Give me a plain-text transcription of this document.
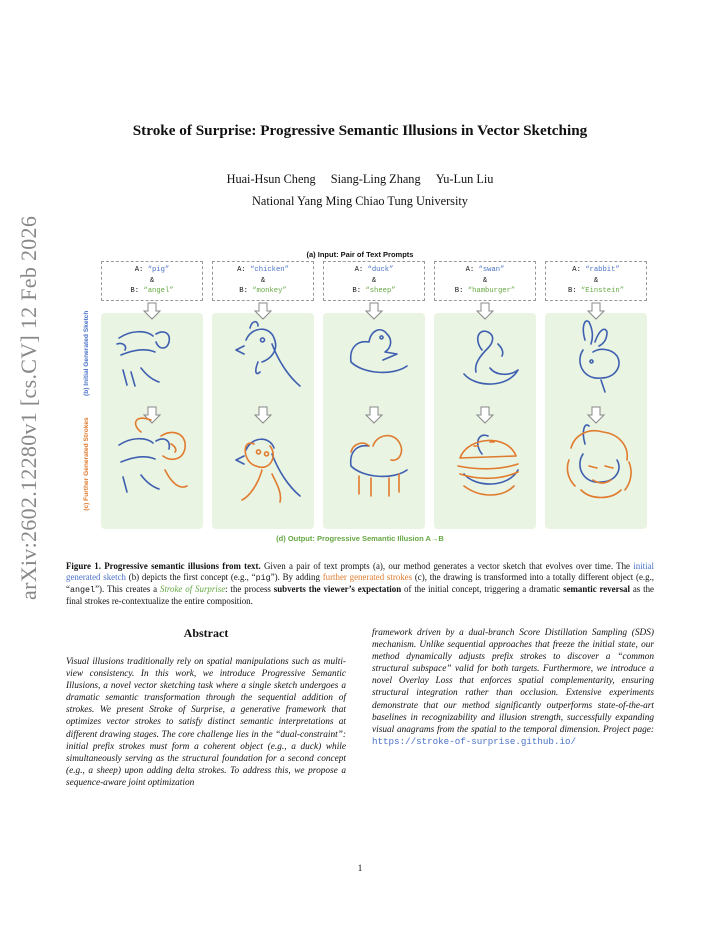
arXiv:2602.12280v1 [cs.CV] 12 Feb 2026
Stroke of Surprise: Progressive Semantic Illusions in Vector Sketching
Huai-Hsun Cheng Siang-Ling Zhang Yu-Lun Liu
National Yang Ming Chiao Tung University
(a) Input: Pair of Text Prompts
A: “pig”
&
B: “angel”
A: “chicken”
&
B: “monkey”
A: “duck”
&
B: “sheep”
A: “swan”
&
B: “hamburger”
A: “rabbit”
&
B: “Einstein”
(b) Initial Generated Sketch
(c) Further Generated Strokes
(d) Output: Progressive Semantic Illusion A→B
Figure 1. Progressive semantic illusions from text. Given a pair of text prompts (a), our method generates a vector sketch that evolves over time. The initial generated sketch (b) depicts the first concept (e.g., “pig”). By adding further generated strokes (c), the drawing is transformed into a totally different object (e.g., “angel”). This creates a Stroke of Surprise: the process subverts the viewer’s expectation of the initial concept, triggering a dramatic semantic reversal as the final strokes re-contextualize the entire composition.
Abstract
Visual illusions traditionally rely on spatial manipulations such as multi-view consistency. In this work, we introduce Progressive Semantic Illusions, a novel vector sketching task where a single sketch undergoes a dramatic semantic transformation through the sequential addition of strokes. We present Stroke of Surprise, a generative framework that optimizes vector strokes to satisfy distinct semantic interpretations at different drawing stages. The core challenge lies in the “dual-constraint”: initial prefix strokes must form a coherent object (e.g., a duck) while simultaneously serving as the structural foundation for a second concept (e.g., a sheep) upon adding delta strokes. To address this, we propose a sequence-aware joint optimization
framework driven by a dual-branch Score Distillation Sampling (SDS) mechanism. Unlike sequential approaches that freeze the initial state, our method dynamically adjusts prefix strokes to discover a “common structural subspace” valid for both targets. Furthermore, we introduce a novel Overlay Loss that enforces spatial complementarity, ensuring structural integration rather than occlusion. Extensive experiments demonstrate that our method significantly outperforms state-of-the-art baselines in recognizability and illusion strength, successfully expanding visual anagrams from the spatial to the temporal dimension. Project page: https://stroke-of-surprise.github.io/
1
